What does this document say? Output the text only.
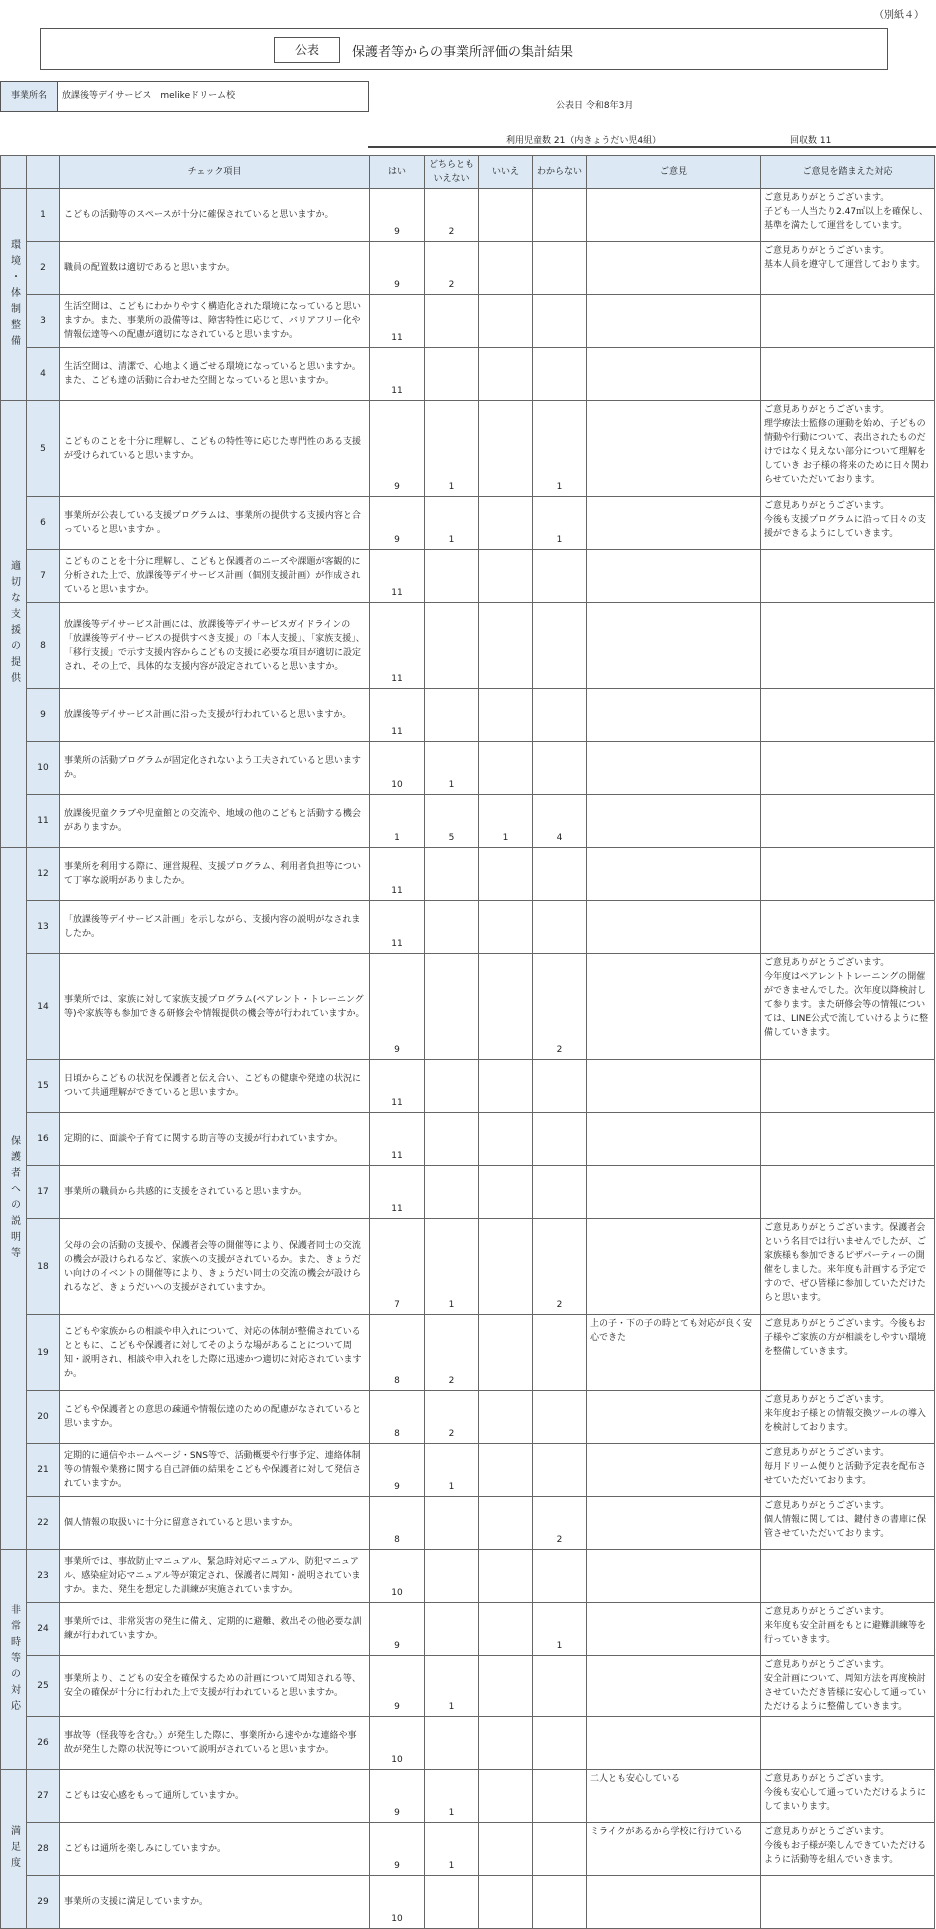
（別紙４）
公表	保護者等からの事業所評価の集計結果
事業所名	放課後等デイサービス　melikeドリーム校
公表日 令和8年3月
利用児童数 21（内きょうだい児4組）	回収数 11
		チェック項目	はい	どちらとも
いえない	いいえ	わからない	ご意見	ご意見を踏まえた対応

環境・体制整備	1	こどもの活動等のスペースが十分に確保されていると思いますか。	9	2				ご意見ありがとうございます。
子ども一人当たり2.47㎡以上を確保し、基準を満たして運営をしています。
	2	職員の配置数は適切であると思いますか。	9	2				ご意見ありがとうございます。
基本人員を遵守して運営しております。
	3	生活空間は、こどもにわかりやすく構造化された環境になっていると思いますか。また、事業所の設備等は、障害特性に応じて、バリアフリー化や情報伝達等への配慮が適切になされていると思いますか。	11					
	4	生活空間は、清潔で、心地よく過ごせる環境になっていると思いますか。また、こども達の活動に合わせた空間となっていると思いますか。	11					

適切な支援の提供	5	こどものことを十分に理解し、こどもの特性等に応じた専門性のある支援が受けられていると思いますか。	9	1		1		ご意見ありがとうございます。
理学療法士監修の運動を始め、子どもの情動や行動について、表出されたものだけではなく見えない部分について理解をしていき お子様の将来のために日々関わらせていただいております。
	6	事業所が公表している支援プログラムは、事業所の提供する支援内容と合っていると思いますか 。	9	1		1		ご意見ありがとうございます。
今後も支援プログラムに沿って日々の支援ができるようにしていきます。
	7	こどものことを十分に理解し、こどもと保護者のニーズや課題が客観的に分析された上で、放課後等デイサービス計画（個別支援計画）が作成されていると思いますか。	11					
	8	放課後等デイサービス計画には、放課後等デイサービスガイドラインの「放課後等デイサービスの提供すべき支援」の「本人支援」、「家族支援」、「移行支援」で示す支援内容からこどもの支援に必要な項目が適切に設定され、その上で、具体的な支援内容が設定されていると思いますか。	11					
	9	放課後等デイサービス計画に沿った支援が行われていると思いますか。	11					
	10	事業所の活動プログラムが固定化されないよう工夫されていると思いますか。	10	1				
	11	放課後児童クラブや児童館との交流や、地域の他のこどもと活動する機会がありますか。	1	5	1	4		

保護者への説明等	12	事業所を利用する際に、運営規程、支援プログラム、利用者負担等について丁寧な説明がありましたか。	11					
	13	「放課後等デイサービス計画」を示しながら、支援内容の説明がなされましたか。	11					
	14	事業所では、家族に対して家族支援プログラム(ペアレント・トレーニング等)や家族等も参加できる研修会や情報提供の機会等が行われていますか。	9			2		ご意見ありがとうございます。
今年度はペアレントトレーニングの開催ができませんでした。次年度以降検討して参ります。また研修会等の情報については、LINE公式で流していけるように整備していきます。
	15	日頃からこどもの状況を保護者と伝え合い、こどもの健康や発達の状況について共通理解ができていると思いますか。	11					
	16	定期的に、面談や子育てに関する助言等の支援が行われていますか。	11					
	17	事業所の職員から共感的に支援をされていると思いますか。	11					
	18	父母の会の活動の支援や、保護者会等の開催等により、保護者同士の交流の機会が設けられるなど、家族への支援がされているか。また、きょうだい向けのイベントの開催等により、きょうだい同士の交流の機会が設けられるなど、きょうだいへの支援がされていますか。	7	1		2		ご意見ありがとうございます。保護者会という名目では行いませんでしたが、ご家族様も参加できるピザパーティーの開催をしました。来年度も計画する予定ですので、ぜひ皆様に参加していただけたらと思います。
	19	こどもや家族からの相談や申入れについて、対応の体制が整備されているとともに、こどもや保護者に対してそのような場があることについて周知・説明され、相談や申入れをした際に迅速かつ適切に対応されていますか。	8	2			上の子・下の子の時とても対応が良く安心できた	ご意見ありがとうございます。今後もお子様やご家族の方が相談をしやすい環境を整備していきます。
	20	こどもや保護者との意思の疎通や情報伝達のための配慮がなされていると思いますか。	8	2				ご意見ありがとうございます。
来年度お子様との情報交換ツールの導入を検討しております。
	21	定期的に通信やホームページ・SNS等で、活動概要や行事予定、連絡体制等の情報や業務に関する自己評価の結果をこどもや保護者に対して発信されていますか。	9	1				ご意見ありがとうございます。
毎月ドリーム便りと活動予定表を配布させていただいております。
	22	個人情報の取扱いに十分に留意されていると思いますか。	8			2		ご意見ありがとうございます。
個人情報に関しては、鍵付きの書庫に保管させていただいております。

非常時等の対応	23	事業所では、事故防止マニュアル、緊急時対応マニュアル、防犯マニュアル、感染症対応マニュアル等が策定され、保護者に周知・説明されていますか。また、発生を想定した訓練が実施されていますか。	10					
	24	事業所では、非常災害の発生に備え、定期的に避難、救出その他必要な訓練が行われていますか。	9			1		ご意見ありがとうございます。
来年度も安全計画をもとに避難訓練等を行っていきます。
	25	事業所より、こどもの安全を確保するための計画について周知される等、安全の確保が十分に行われた上で支援が行われていると思いますか。	9	1				ご意見ありがとうございます。
安全計画について、周知方法を再度検討させていただき皆様に安心して通っていただけるように整備していきます。
	26	事故等（怪我等を含む。）が発生した際に、事業所から速やかな連絡や事故が発生した際の状況等について説明がされていると思いますか。	10					

満足度	27	こどもは安心感をもって通所していますか。	9	1			二人とも安心している	ご意見ありがとうございます。
今後も安心して通っていただけるようにしてまいります。
	28	こどもは通所を楽しみにしていますか。	9	1			ミライクがあるから学校に行けている	ご意見ありがとうございます。
今後もお子様が楽しんできていただけるように活動等を組んでいきます。
	29	事業所の支援に満足していますか。	10					
